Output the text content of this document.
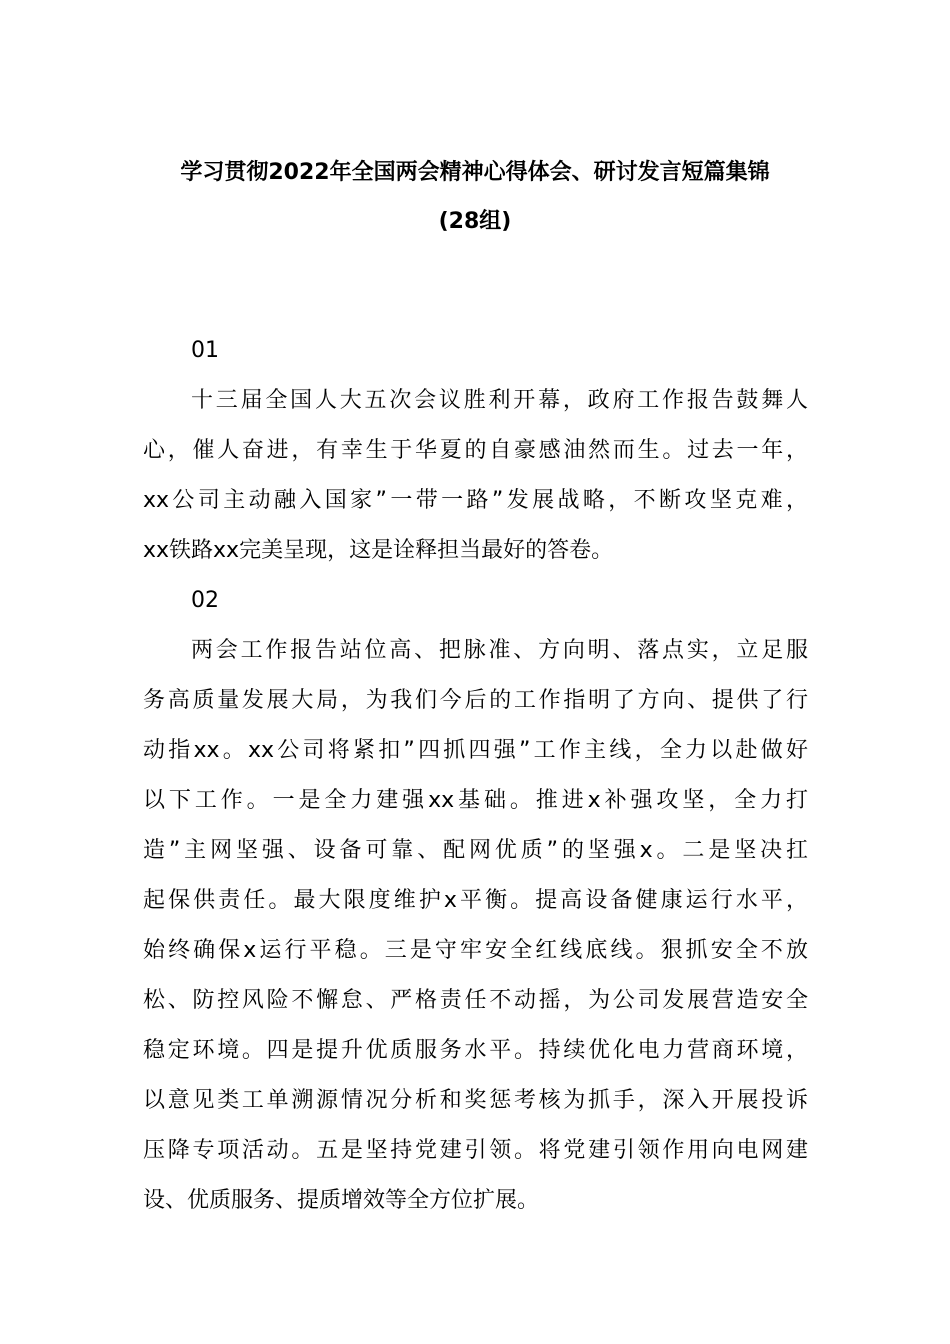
学习贯彻2022年全国两会精神心得体会、研讨发言短篇集锦
(28组)
01
十三届全国人大五次会议胜利开幕，政府工作报告鼓舞人
心，催人奋进，有幸生于华夏的自豪感油然而生。过去一年，
xx公司主动融入国家”一带一路”发展战略，不断攻坚克难，
xx铁路xx完美呈现，这是诠释担当最好的答卷。
02
两会工作报告站位高、把脉准、方向明、落点实，立足服
务高质量发展大局，为我们今后的工作指明了方向、提供了行
动指xx。xx公司将紧扣”四抓四强”工作主线，全力以赴做好
以下工作。一是全力建强xx基础。推进x补强攻坚，全力打
造”主网坚强、设备可靠、配网优质”的坚强x。二是坚决扛
起保供责任。最大限度维护x平衡。提高设备健康运行水平，
始终确保x运行平稳。三是守牢安全红线底线。狠抓安全不放
松、防控风险不懈怠、严格责任不动摇，为公司发展营造安全
稳定环境。四是提升优质服务水平。持续优化电力营商环境，
以意见类工单溯源情况分析和奖惩考核为抓手，深入开展投诉
压降专项活动。五是坚持党建引领。将党建引领作用向电网建
设、优质服务、提质增效等全方位扩展。
